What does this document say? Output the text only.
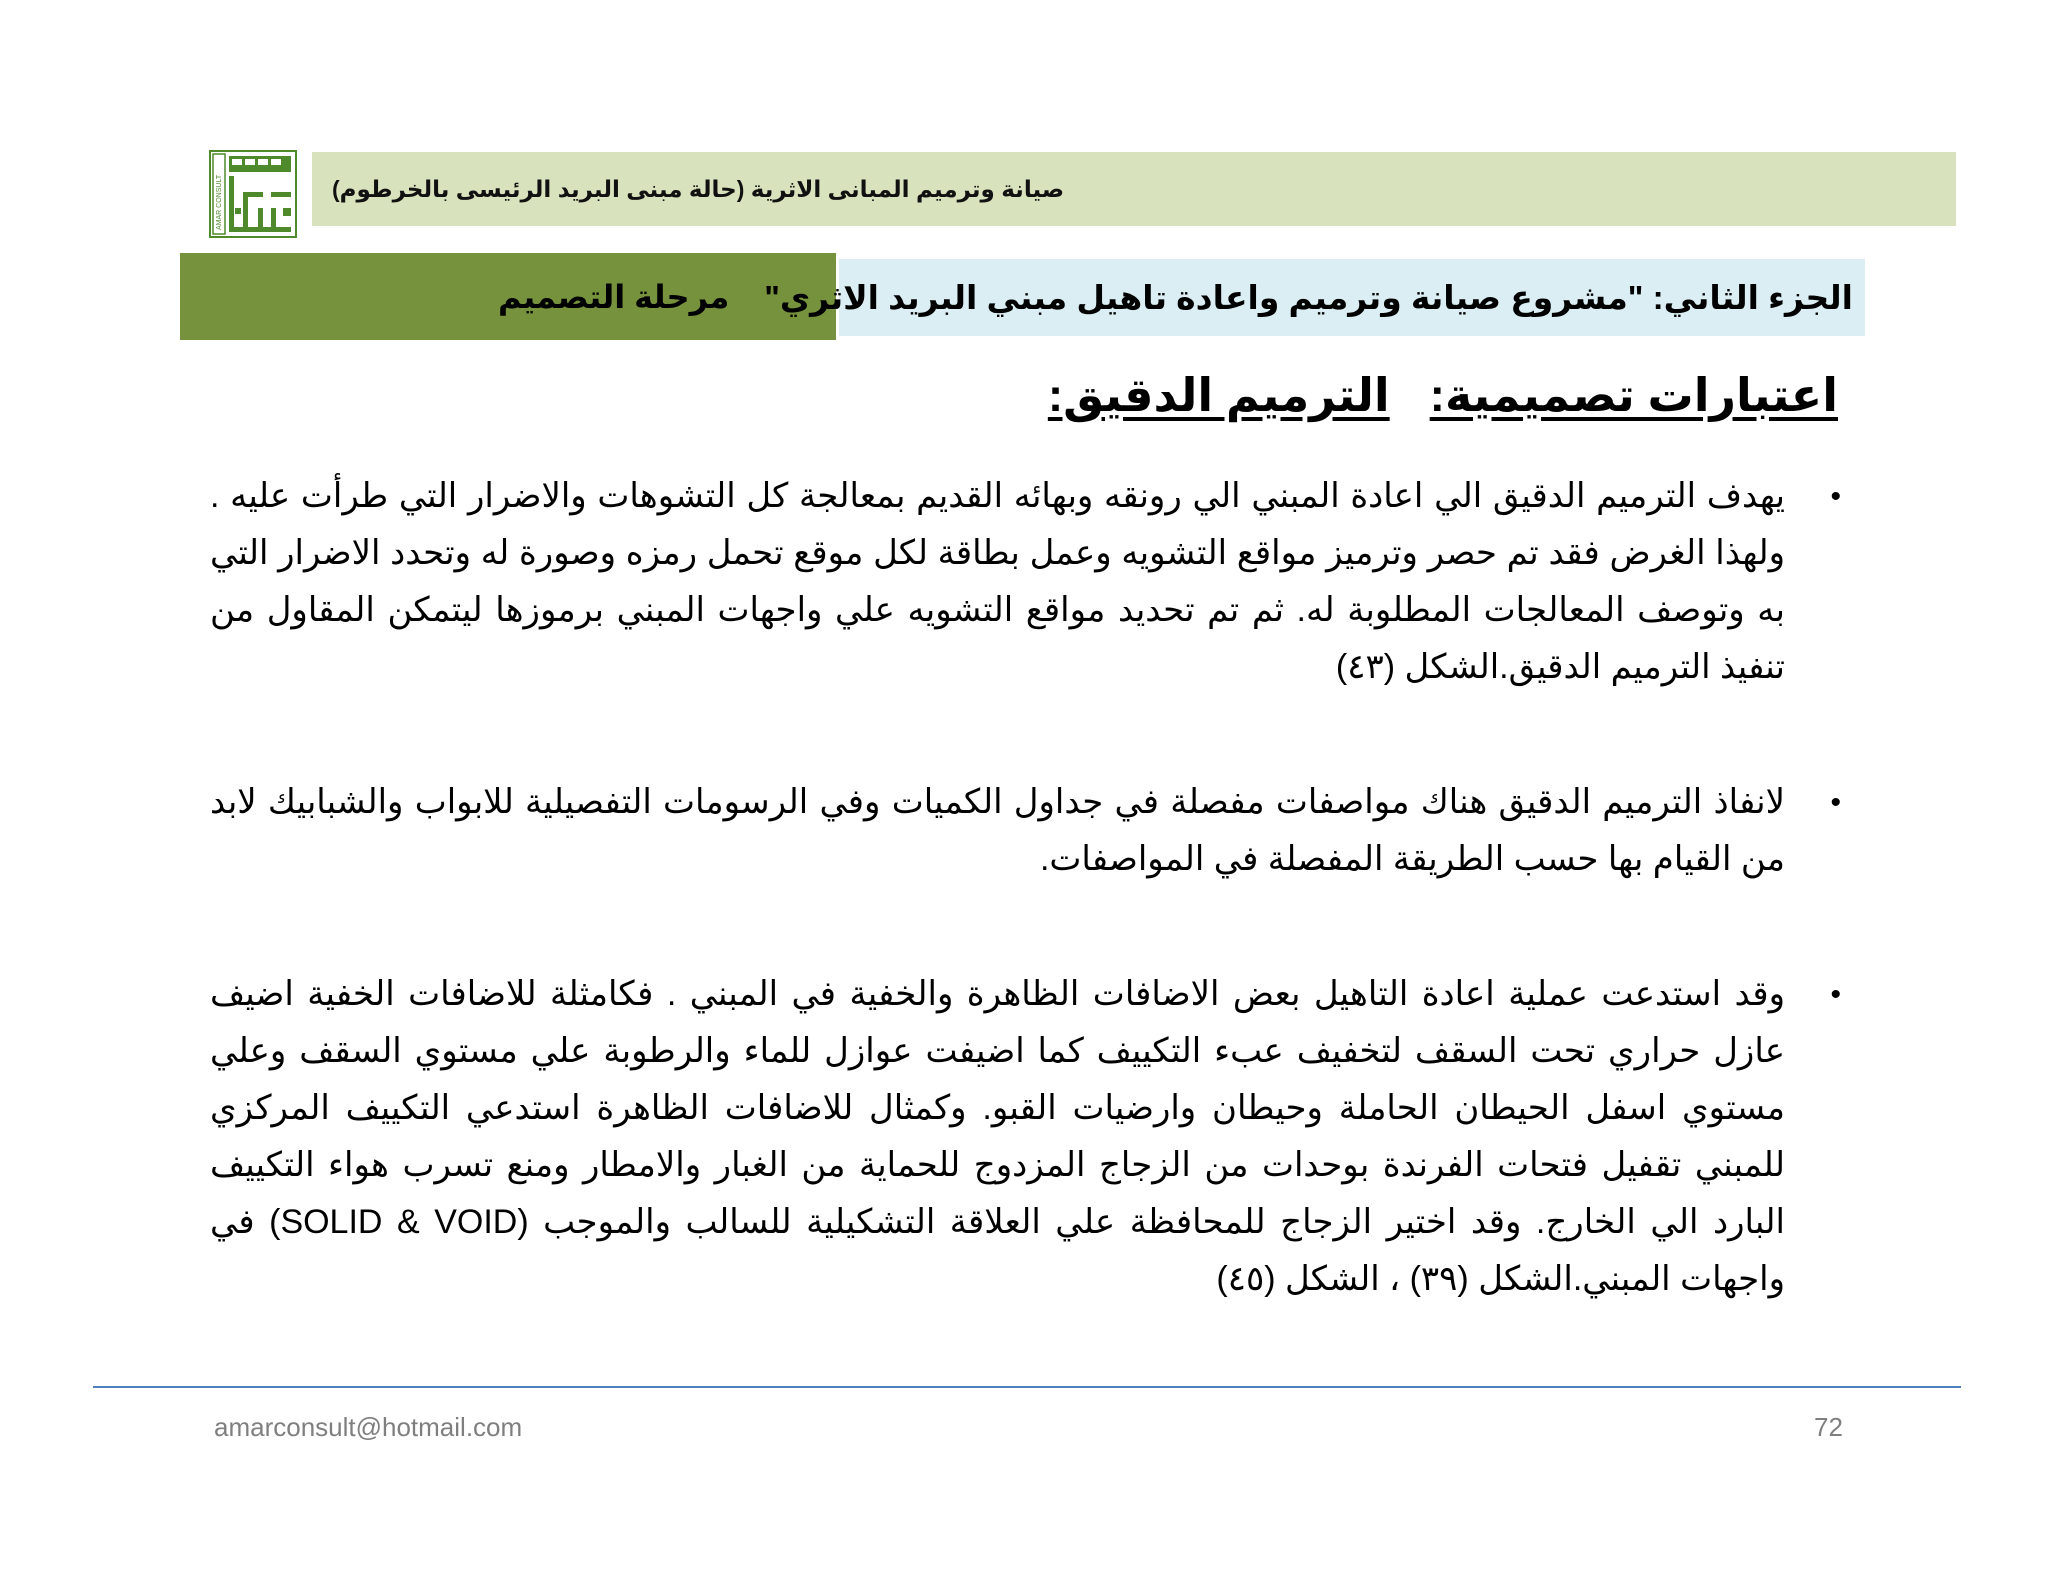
AMAR CONSULT	صيانة وترميم المبانى الاثرية (حالة مبنى البريد الرئيسى بالخرطوم)
مرحلة التصميم الجزء الثاني: "مشروع صيانة وترميم واعادة تاهيل مبني البريد الاثري"
اعتبارات تصميمية:الترميم الدقيق:
• يهدف الترميم الدقيق الي اعادة المبني الي رونقه وبهائه القديم بمعالجة كل التشوهات والاضرار التي طرأت عليه . ولهذا الغرض فقد تم حصر وترميز مواقع التشويه وعمل بطاقة لكل موقع تحمل رمزه وصورة له وتحدد الاضرار التي به وتوصف المعالجات المطلوبة له. ثم تم تحديد مواقع التشويه علي واجهات المبني برموزها ليتمكن المقاول من تنفيذ الترميم الدقيق.الشكل (٤٣)
• لانفاذ الترميم الدقيق هناك مواصفات مفصلة في جداول الكميات وفي الرسومات التفصيلية للابواب والشبابيك لابد من القيام بها حسب الطريقة المفصلة في المواصفات.
• وقد استدعت عملية اعادة التاهيل بعض الاضافات الظاهرة والخفية في المبني . فكامثلة للاضافات الخفية اضيف عازل حراري تحت السقف لتخفيف عبء التكييف كما اضيفت عوازل للماء والرطوبة علي مستوي السقف وعلي مستوي اسفل الحيطان الحاملة وحيطان وارضيات القبو. وكمثال للاضافات الظاهرة استدعي التكييف المركزي للمبني تقفيل فتحات الفرندة بوحدات من الزجاج المزدوج للحماية من الغبار والامطار ومنع تسرب هواء التكييف البارد الي الخارج. وقد اختير الزجاج للمحافظة علي العلاقة التشكيلية للسالب والموجب (SOLID & VOID) في واجهات المبني.الشكل (٣٩) ، الشكل (٤٥)
amarconsult@hotmail.com	72
